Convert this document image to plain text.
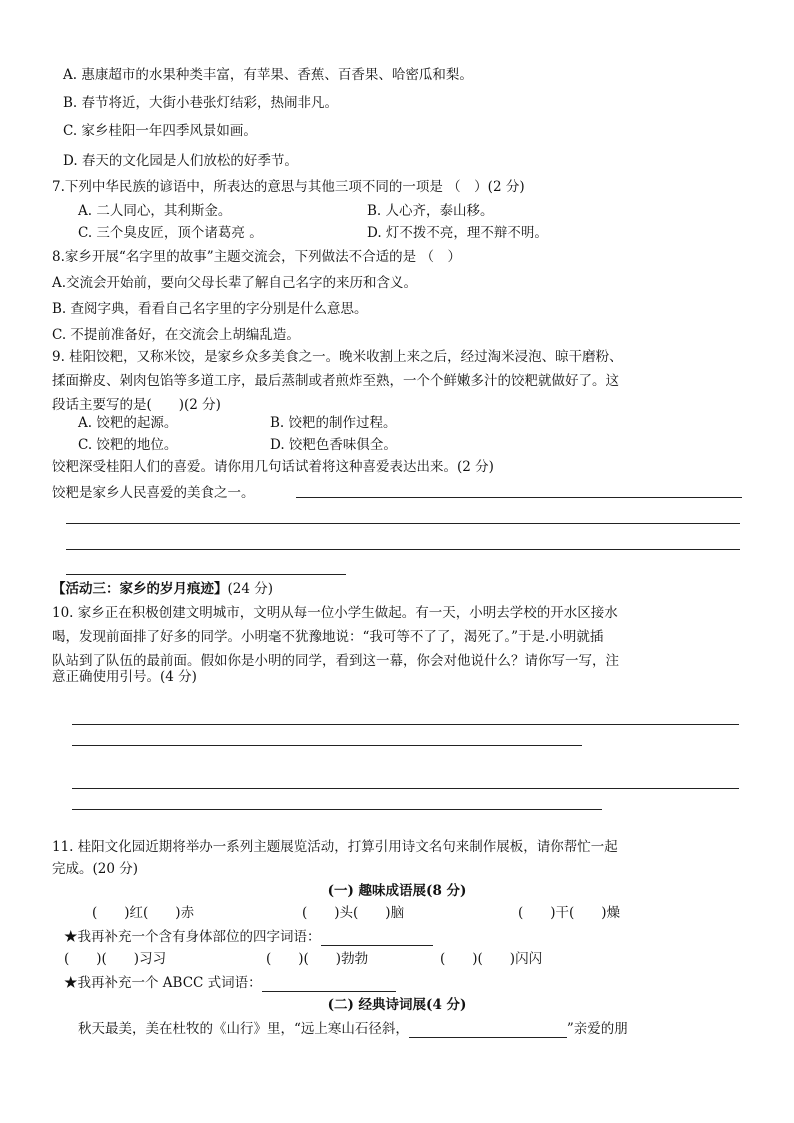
A. 惠康超市的水果种类丰富，有苹果、香蕉、百香果、哈密瓜和梨。
B. 春节将近，大街小巷张灯结彩，热闹非凡。
C. 家乡桂阳一年四季风景如画。
D. 春天的文化园是人们放松的好季节。
7.下列中华民族的谚语中，所表达的意思与其他三项不同的一项是 （　）(2 分)
A. 二人同心，其利斯金。	B. 人心齐，泰山移。
C. 三个臭皮匠，顶个诸葛亮 。	D. 灯不拨不亮，理不辩不明。
8.家乡开展“名字里的故事”主题交流会，下列做法不合适的是 （　）
A.交流会开始前，要向父母长辈了解自己名字的来历和含义。
B. 查阅字典，看看自己名字里的字分别是什么意思。
C. 不提前准备好，在交流会上胡编乱造。
9. 桂阳饺粑，又称米饺，是家乡众多美食之一。晚米收割上来之后，经过淘米浸泡、晾干磨粉、
揉面擀皮、剁肉包馅等多道工序，最后蒸制或者煎炸至熟，一个个鲜嫩多汁的饺粑就做好了。这
段话主要写的是(　　)(2 分)
A. 饺粑的起源。	B. 饺粑的制作过程。
C. 饺粑的地位。	D. 饺粑色香味俱全。
饺粑深受桂阳人们的喜爱。请你用几句话试着将这种喜爱表达出来。(2 分)
饺粑是家乡人民喜爱的美食之一。
【活动三：家乡的岁月痕迹】(24 分)
10. 家乡正在积极创建文明城市，文明从每一位小学生做起。有一天，小明去学校的开水区接水
喝，发现前面排了好多的同学。小明毫不犹豫地说：“我可等不了了，渴死了。”于是.小明就插
队站到了队伍的最前面。假如你是小明的同学，看到这一幕，你会对他说什么？请你写一写，注
意正确使用引号。(4 分)
11. 桂阳文化园近期将举办一系列主题展览活动，打算引用诗文名句来制作展板，请你帮忙一起
完成。(20 分)
(一) 趣味成语展(8 分)
(　　)红(　　)赤	(　　)头(　　)脑	(　　)干(　　)燥
★我再补充一个含有身体部位的四字词语：
(　　)(　　)习习	(　　)(　　)勃勃	(　　)(　　)闪闪
★我再补充一个 ABCC 式词语：
(二) 经典诗词展(4 分)
秋天最美，美在杜牧的《山行》里，“远上寒山石径斜，	”亲爱的朋
